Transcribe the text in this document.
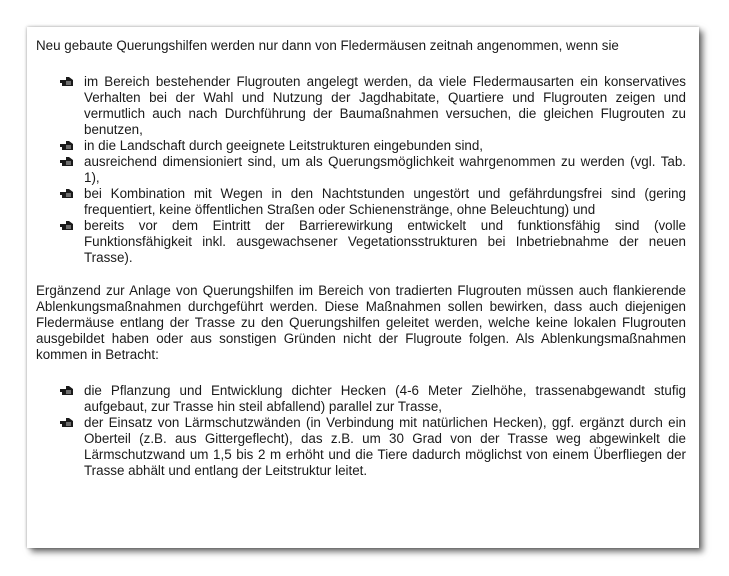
Neu gebaute Querungshilfen werden nur dann von Fledermäusen zeitnah angenommen, wenn sie

im Bereich bestehender Flugrouten angelegt werden, da viele Fledermausarten ein konservatives Verhalten bei der Wahl und Nutzung der Jagdhabitate, Quartiere und Flugrouten zeigen und vermutlich auch nach Durchführung der Baumaßnahmen versuchen, die gleichen Flugrouten zu benutzen,
in die Landschaft durch geeignete Leitstrukturen eingebunden sind,
ausreichend dimensioniert sind, um als Querungsmöglichkeit wahrgenommen zu werden (vgl. Tab. 1),
bei Kombination mit Wegen in den Nachtstunden ungestört und gefährdungsfrei sind (gering frequentiert, keine öffentlichen Straßen oder Schienenstränge, ohne Beleuchtung) und
bereits vor dem Eintritt der Barrierewirkung entwickelt und funktionsfähig sind (volle Funktionsfähigkeit inkl. ausgewachsener Vegetationsstrukturen bei Inbetriebnahme der neuen Trasse).

Ergänzend zur Anlage von Querungshilfen im Bereich von tradierten Flugrouten müssen auch flankierende Ablenkungsmaßnahmen durchgeführt werden. Diese Maßnahmen sollen bewirken, dass auch diejenigen Fledermäuse entlang der Trasse zu den Querungshilfen geleitet werden, welche keine lokalen Flugrouten ausgebildet haben oder aus sonstigen Gründen nicht der Flugroute folgen. Als Ablenkungsmaßnahmen kommen in Betracht:

die Pflanzung und Entwicklung dichter Hecken (4-6 Meter Zielhöhe, trassenabgewandt stufig aufgebaut, zur Trasse hin steil abfallend) parallel zur Trasse,
der Einsatz von Lärmschutzwänden (in Verbindung mit natürlichen Hecken), ggf. ergänzt durch ein Oberteil (z.B. aus Gittergeflecht), das z.B. um 30 Grad von der Trasse weg abgewinkelt die Lärmschutzwand um 1,5 bis 2 m erhöht und die Tiere dadurch möglichst von einem Überfliegen der Trasse abhält und entlang der Leitstruktur leitet.
